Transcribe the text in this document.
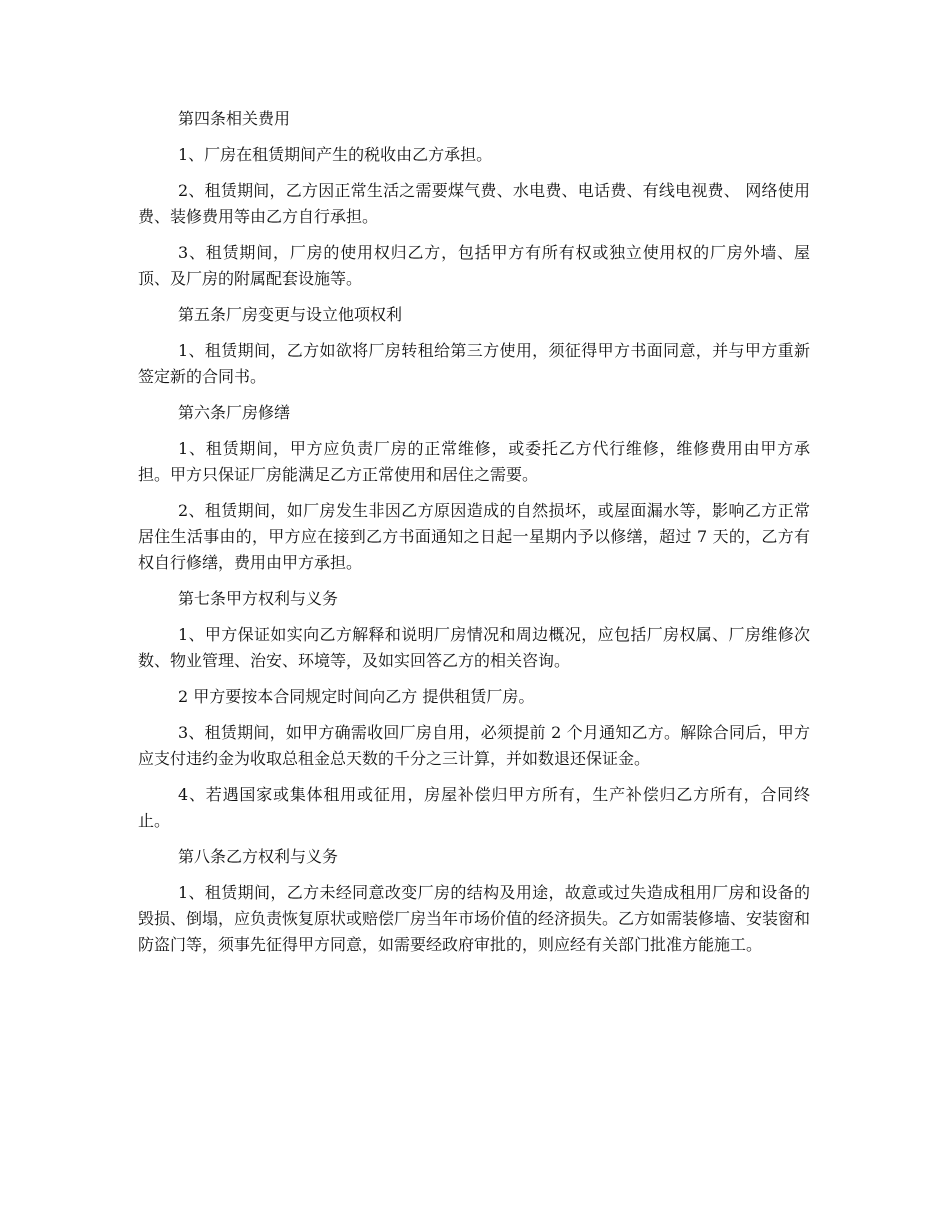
第四条相关费用

1、厂房在租赁期间产生的税收由乙方承担。

2、租赁期间，乙方因正常生活之需要煤气费、水电费、电话费、有线电视费、 网络使用费、装修费用等由乙方自行承担。

3、租赁期间，厂房的使用权归乙方，包括甲方有所有权或独立使用权的厂房外墙、屋顶、及厂房的附属配套设施等。

第五条厂房变更与设立他项权利

1、租赁期间，乙方如欲将厂房转租给第三方使用，须征得甲方书面同意，并与甲方重新签定新的合同书。

第六条厂房修缮

1、租赁期间，甲方应负责厂房的正常维修，或委托乙方代行维修，维修费用由甲方承担。甲方只保证厂房能满足乙方正常使用和居住之需要。

2、租赁期间，如厂房发生非因乙方原因造成的自然损坏，或屋面漏水等，影响乙方正常居住生活事由的，甲方应在接到乙方书面通知之日起一星期内予以修缮，超过 7 天的，乙方有权自行修缮，费用由甲方承担。

第七条甲方权利与义务

1、甲方保证如实向乙方解释和说明厂房情况和周边概况，应包括厂房权属、厂房维修次数、物业管理、治安、环境等，及如实回答乙方的相关咨询。

2 甲方要按本合同规定时间向乙方 提供租赁厂房。

3、租赁期间，如甲方确需收回厂房自用，必须提前 2 个月通知乙方。解除合同后，甲方应支付违约金为收取总租金总天数的千分之三计算，并如数退还保证金。

4、若遇国家或集体租用或征用，房屋补偿归甲方所有，生产补偿归乙方所有，合同终止。

第八条乙方权利与义务

1、租赁期间，乙方未经同意改变厂房的结构及用途，故意或过失造成租用厂房和设备的毁损、倒塌，应负责恢复原状或赔偿厂房当年市场价值的经济损失。乙方如需装修墙、安装窗和防盗门等，须事先征得甲方同意，如需要经政府审批的，则应经有关部门批准方能施工。
